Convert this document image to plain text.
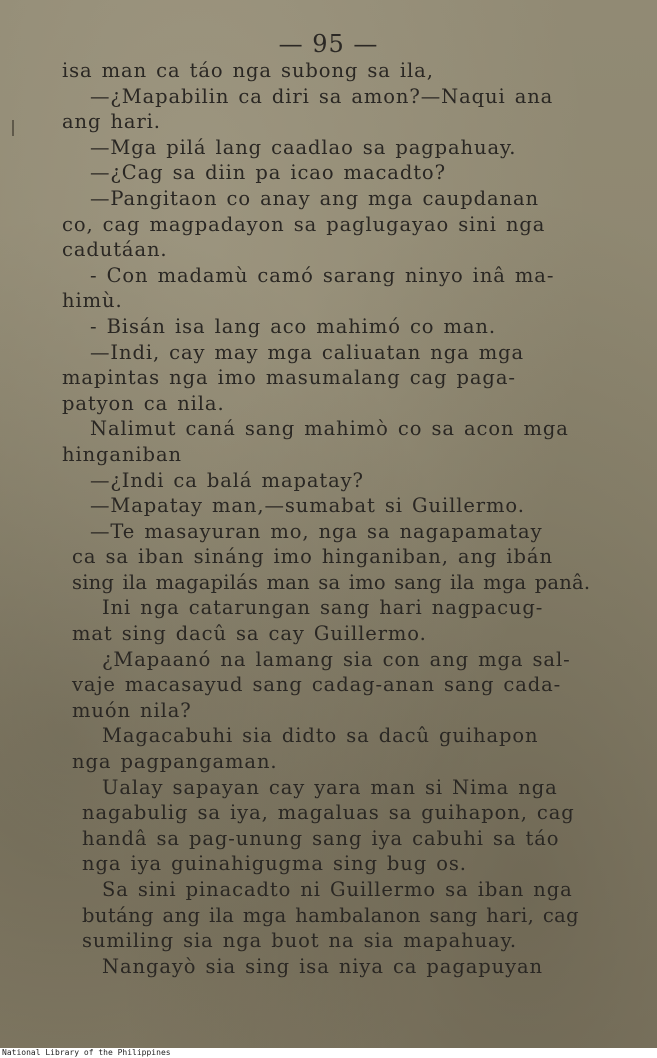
— 95 —
isa man ca táo nga subong sa ila,
—¿Mapabilin ca diri sa amon?—Naqui ana
ang hari.
—Mga pilá lang caadlao sa pagpahuay.
—¿Cag sa diin pa icao macadto?
—Pangitaon co anay ang mga caupdanan
co, cag magpadayon sa paglugayao sini nga
cadutáan.
- Con madamù camó sarang ninyo inâ ma-
himù.
- Bisán isa lang aco mahimó co man.
—Indi, cay may mga caliuatan nga mga
mapintas nga imo masumalang cag paga-
patyon ca nila.
Nalimut caná sang mahimò co sa acon mga
hinganiban
—¿Indi ca balá mapatay?
—Mapatay man,—sumabat si Guillermo.
—Te masayuran mo, nga sa nagapamatay
ca sa iban sináng imo hinganiban, ang ibán
sing ila magapilás man sa imo sang ila mga panâ.
Ini nga catarungan sang hari nagpacug-
mat sing dacû sa cay Guillermo.
¿Mapaanó na lamang sia con ang mga sal-
vaje macasayud sang cadag-anan sang cada-
muón nila?
Magacabuhi sia didto sa dacû guihapon
nga pagpangaman.
Ualay sapayan cay yara man si Nima nga
nagabulig sa iya, magaluas sa guihapon, cag
handâ sa pag-unung sang iya cabuhi sa táo
nga iya guinahigugma sing bug os.
Sa sini pinacadto ni Guillermo sa iban nga
butáng ang ila mga hambalanon sang hari, cag
sumiling sia nga buot na sia mapahuay.
Nangayò sia sing isa niya ca pagapuyan
National Library of the Philippines
